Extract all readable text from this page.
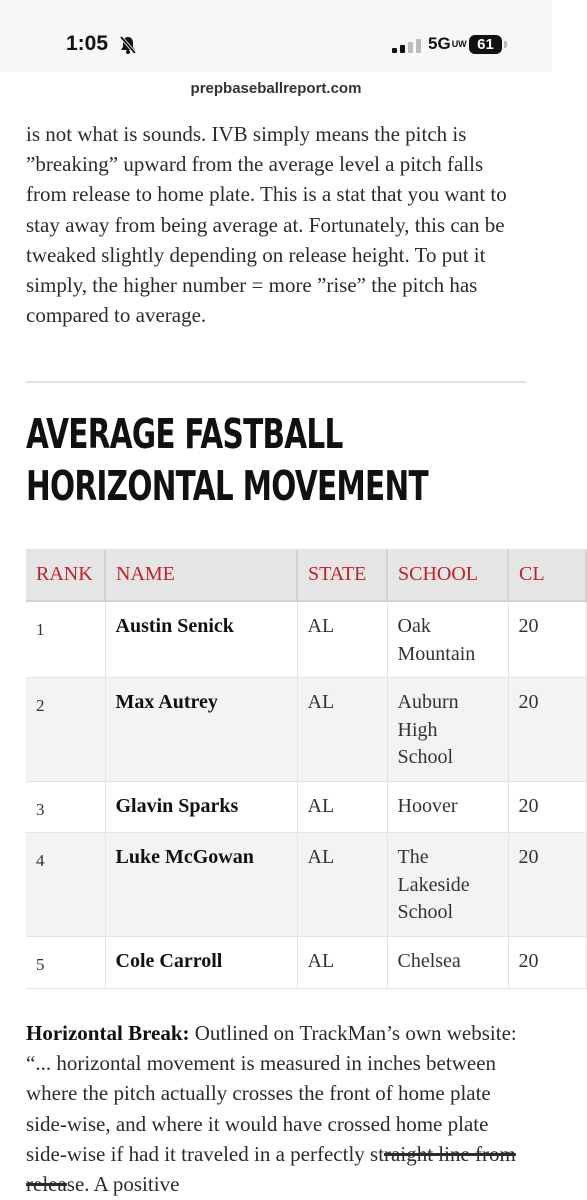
1:05	5GUW 61
prepbaseballreport.com

is not what is sounds. IVB simply means the pitch is ”breaking” upward from the average level a pitch falls from release to home plate. This is a stat that you want to stay away from being average at. Fortunately, this can be tweaked slightly depending on release height. To put it simply, the higher number = more ”rise” the pitch has compared to average.

AVERAGE FASTBALL HORIZONTAL MOVEMENT
RANK	NAME	STATE	SCHOOL	CL
1	Austin Senick	AL	Oak Mountain	20
2	Max Autrey	AL	Auburn High School	20
3	Glavin Sparks	AL	Hoover	20
4	Luke McGowan	AL	The Lakeside School	20
5	Cole Carroll	AL	Chelsea	20

Horizontal Break: Outlined on TrackMan’s own website: “... horizontal movement is measured in inches between where the pitch actually crosses the front of home plate side-wise, and where it would have crossed home plate side-wise if had it traveled in a perfectly straight line from release. A positive
